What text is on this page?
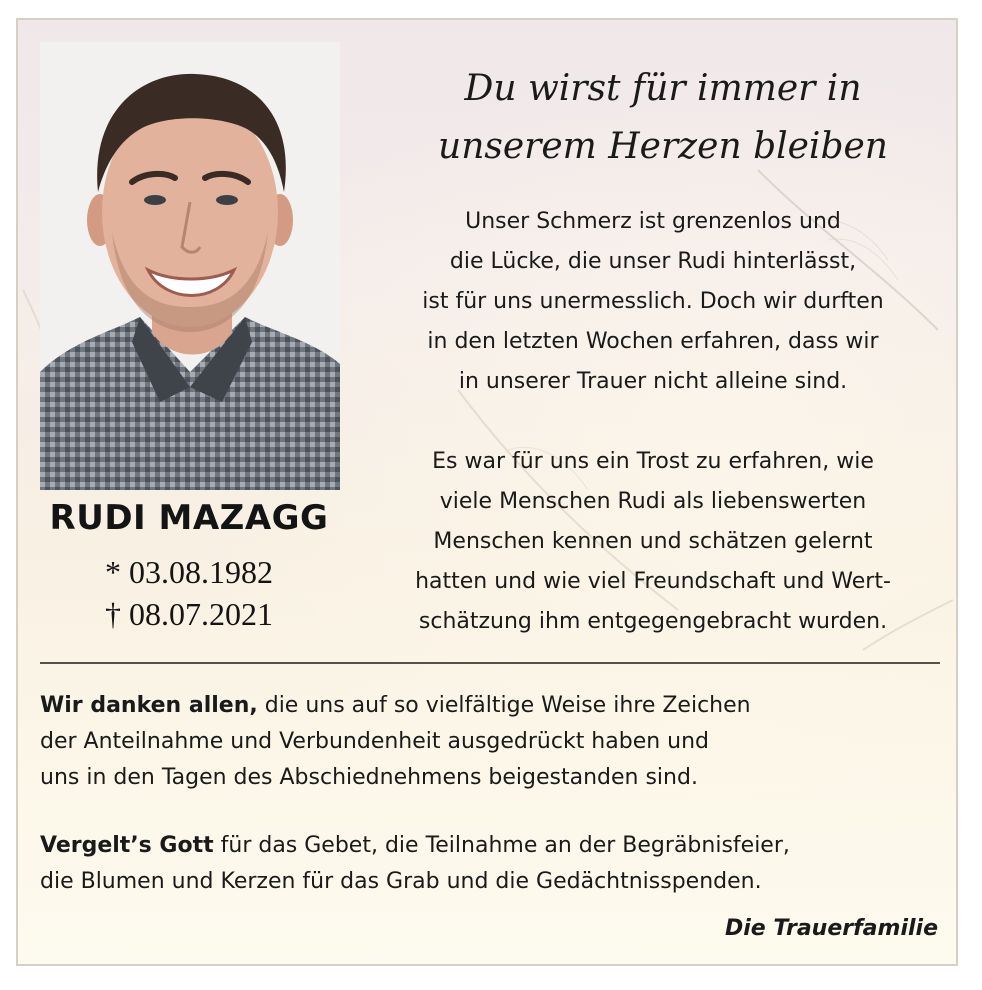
RUDI MAZAGG
* 03.08.1982
† 08.07.2021
Du wirst für immer in
unserem Herzen bleiben
Unser Schmerz ist grenzenlos und
die Lücke, die unser Rudi hinterlässt,
ist für uns unermesslich. Doch wir durften
in den letzten Wochen erfahren, dass wir
in unserer Trauer nicht alleine sind.
Es war für uns ein Trost zu erfahren, wie
viele Menschen Rudi als liebenswerten
Menschen kennen und schätzen gelernt
hatten und wie viel Freundschaft und Wert-
schätzung ihm entgegengebracht wurden.
Wir danken allen, die uns auf so vielfältige Weise ihre Zeichen
der Anteilnahme und Verbundenheit ausgedrückt haben und
uns in den Tagen des Abschiednehmens beigestanden sind.
Vergelt’s Gott für das Gebet, die Teilnahme an der Begräbnisfeier,
die Blumen und Kerzen für das Grab und die Gedächtnisspenden.
Die Trauerfamilie
